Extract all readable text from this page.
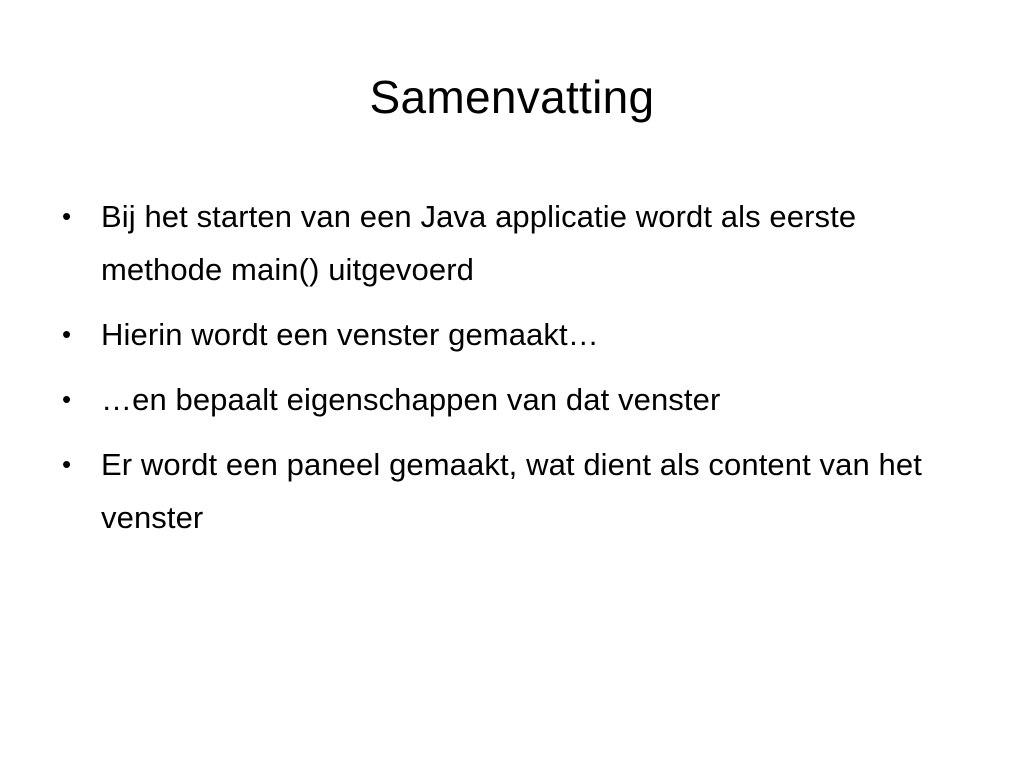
Samenvatting
• Bij het starten van een Java applicatie wordt als eerste methode main() uitgevoerd
• Hierin wordt een venster gemaakt…
• …en bepaalt eigenschappen van dat venster
• Er wordt een paneel gemaakt, wat dient als content van het venster
